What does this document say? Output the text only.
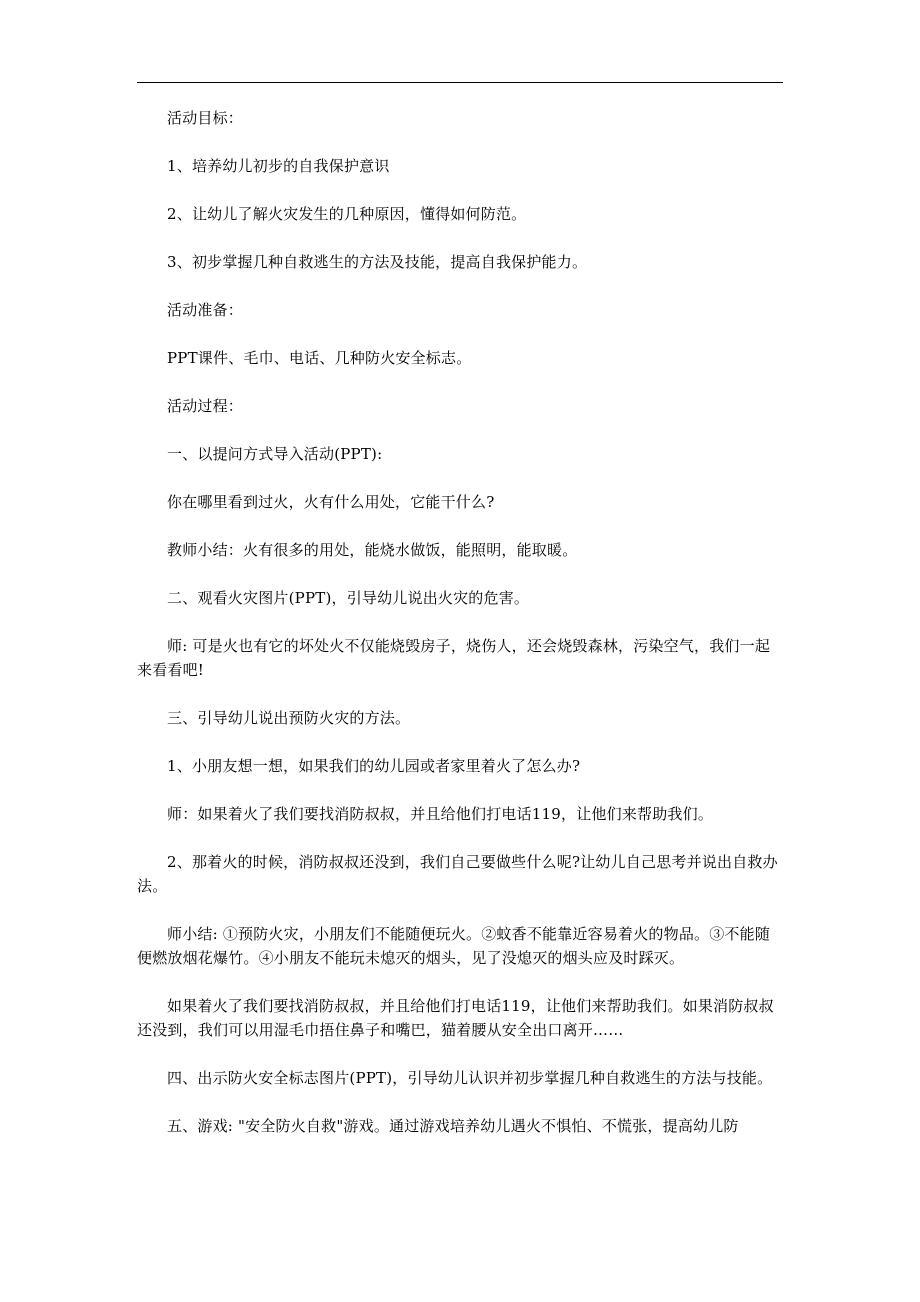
活动目标：

1、培养幼儿初步的自我保护意识

2、让幼儿了解火灾发生的几种原因，懂得如何防范。

3、初步掌握几种自救逃生的方法及技能，提高自我保护能力。

活动准备：

PPT课件、毛巾、电话、几种防火安全标志。

活动过程：

一、以提问方式导入活动(PPT):

你在哪里看到过火，火有什么用处，它能干什么?

教师小结：火有很多的用处，能烧水做饭，能照明，能取暖。

二、观看火灾图片(PPT)，引导幼儿说出火灾的危害。

师: 可是火也有它的坏处火不仅能烧毁房子，烧伤人，还会烧毁森林，污染空气，我们一起来看看吧!

三、引导幼儿说出预防火灾的方法。

1、小朋友想一想，如果我们的幼儿园或者家里着火了怎么办?

师：如果着火了我们要找消防叔叔，并且给他们打电话119，让他们来帮助我们。

2、那着火的时候，消防叔叔还没到，我们自己要做些什么呢?让幼儿自己思考并说出自救办法。

师小结: ①预防火灾，小朋友们不能随便玩火。②蚊香不能靠近容易着火的物品。③不能随便燃放烟花爆竹。④小朋友不能玩未熄灭的烟头，见了没熄灭的烟头应及时踩灭。

如果着火了我们要找消防叔叔，并且给他们打电话119，让他们来帮助我们。如果消防叔叔还没到，我们可以用湿毛巾捂住鼻子和嘴巴，猫着腰从安全出口离开……

四、出示防火安全标志图片(PPT)，引导幼儿认识并初步掌握几种自救逃生的方法与技能。

五、游戏: "安全防火自救"游戏。通过游戏培养幼儿遇火不惧怕、不慌张，提高幼儿防
